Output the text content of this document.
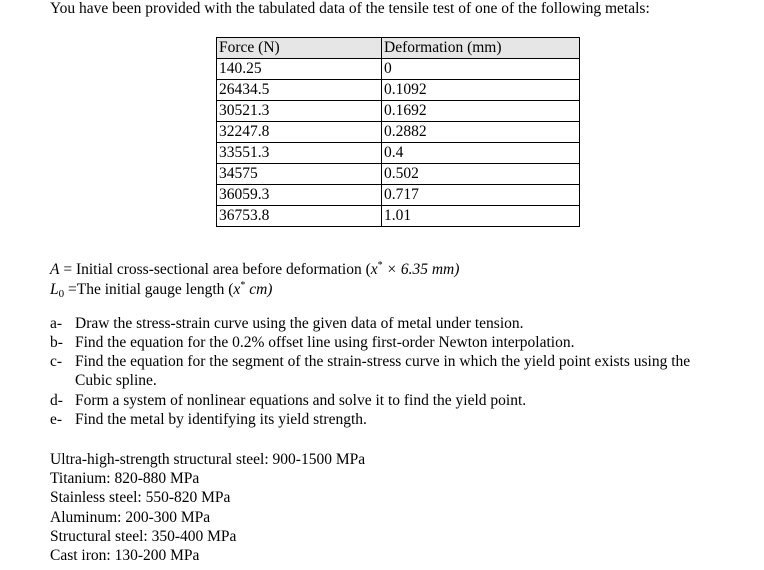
You have been provided with the tabulated data of the tensile test of one of the following metals:
Force (N)	Deformation (mm)
140.25	0
26434.5	0.1092
30521.3	0.1692
32247.8	0.2882
33551.3	0.4
34575	0.502
36059.3	0.717
36753.8	1.01
A = Initial cross-sectional area before deformation (x* × 6.35 mm)
$L_0 =The$ initial gauge length (x* cm)
a- Draw the stress-strain curve using the given data of metal under tension.
b- Find the equation for the 0.2% offset line using first-order Newton interpolation.
c- Find the equation for the segment of the strain-stress curve in which the yield point exists using the
Cubic spline.
d- Form a system of nonlinear equations and solve it to find the yield point.
e- Find the metal by identifying its yield strength.
Ultra-high-strength structural steel: 900-1500 MPa
Titanium: 820-880 MPa
Stainless steel: 550-820 MPa
Aluminum: 200-300 MPa
Structural steel: 350-400 MPa
Cast iron: 130-200 MPa
